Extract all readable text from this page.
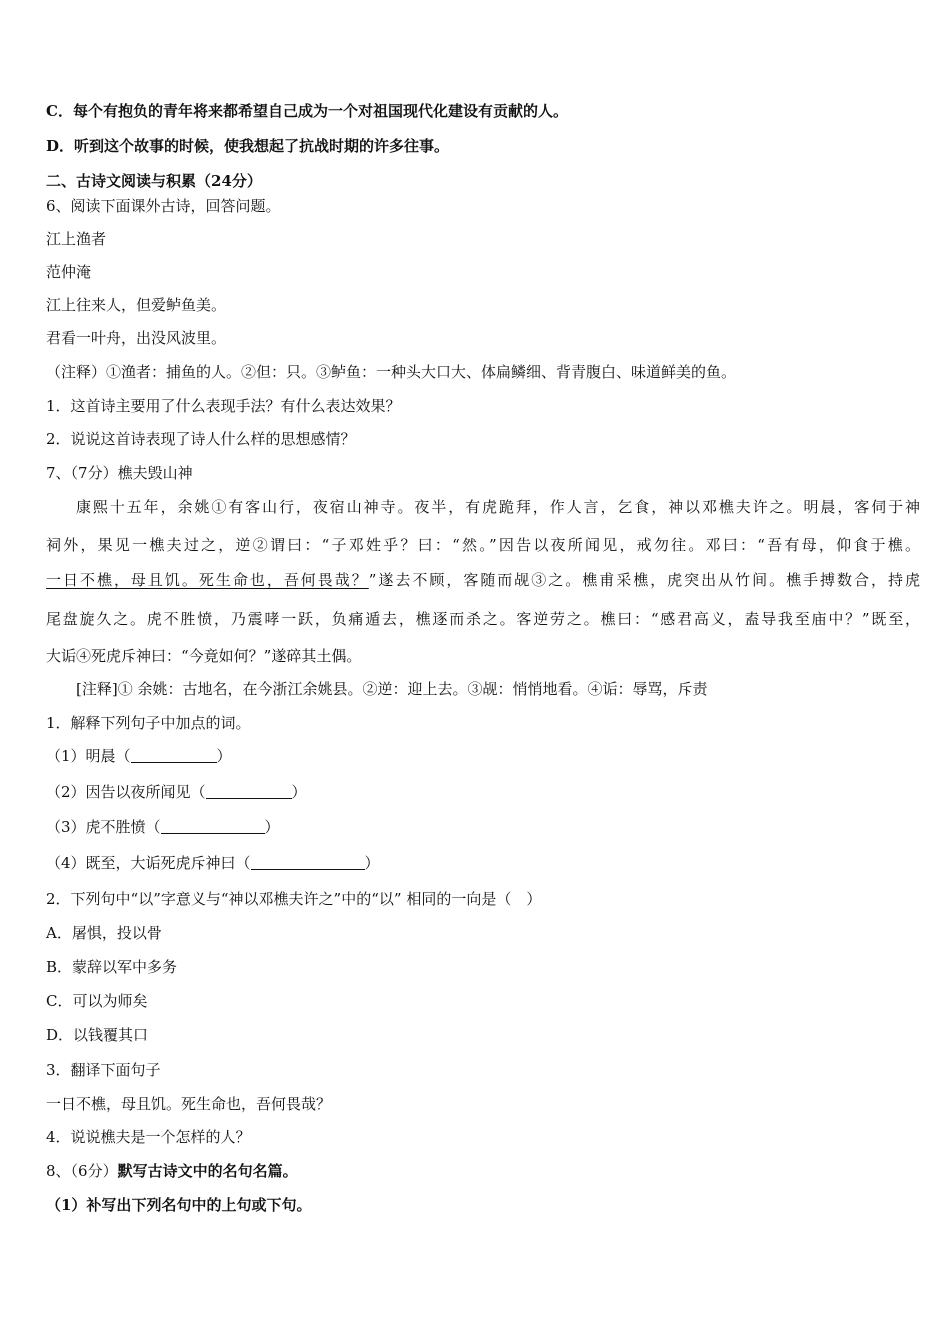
C．每个有抱负的青年将来都希望自己成为一个对祖国现代化建设有贡献的人。
D．听到这个故事的时候，使我想起了抗战时期的许多往事。
二、古诗文阅读与积累（24分）
6、阅读下面课外古诗，回答问题。
江上渔者
范仲淹
江上往来人，但爱鲈鱼美。
君看一叶舟，出没风波里。
（注释）①渔者：捕鱼的人。②但：只。③鲈鱼：一种头大口大、体扁鳞细、背青腹白、味道鲜美的鱼。
1．这首诗主要用了什么表现手法？有什么表达效果？
2．说说这首诗表现了诗人什么样的思想感情？
7、（7分）樵夫毁山神
康熙十五年，余姚①有客山行，夜宿山神寺。夜半，有虎跪拜，作人言，乞食，神以邓樵夫许之。明晨，客伺于神
祠外，果见一樵夫过之，逆②谓曰：“子邓姓乎？曰：“然。”因告以夜所闻见，戒勿往。邓曰：“吾有母，仰食于樵。
一日不樵，母且饥。死生命也，吾何畏哉？”遂去不顾，客随而觇③之。樵甫采樵，虎突出从竹间。樵手搏数合，持虎
尾盘旋久之。虎不胜愤，乃震哮一跃，负痛遁去，樵逐而杀之。客逆劳之。樵曰：“感君高义，盍导我至庙中？”既至，
大诟④死虎斥神曰：“今竟如何？”遂碎其土偶。
[注释]① 余姚：古地名，在今浙江余姚县。②逆：迎上去。③觇：悄悄地看。④诟：辱骂，斥责
1．解释下列句子中加点的词。
（1）明晨（	）
（2）因告以夜所闻见（	）
（3）虎不胜愤（	）
（4）既至，大诟死虎斥神曰（	）
2．下列句中“以”字意义与“神以邓樵夫许之”中的“以” 相同的一向是（　）
A．屠惧，投以骨
B．蒙辞以军中多务
C．可以为师矣
D．以钱覆其口
3．翻译下面句子
一日不樵，母且饥。死生命也，吾何畏哉？
4．说说樵夫是一个怎样的人？
8、（6分）默写古诗文中的名句名篇。
（1）补写出下列名句中的上句或下句。
